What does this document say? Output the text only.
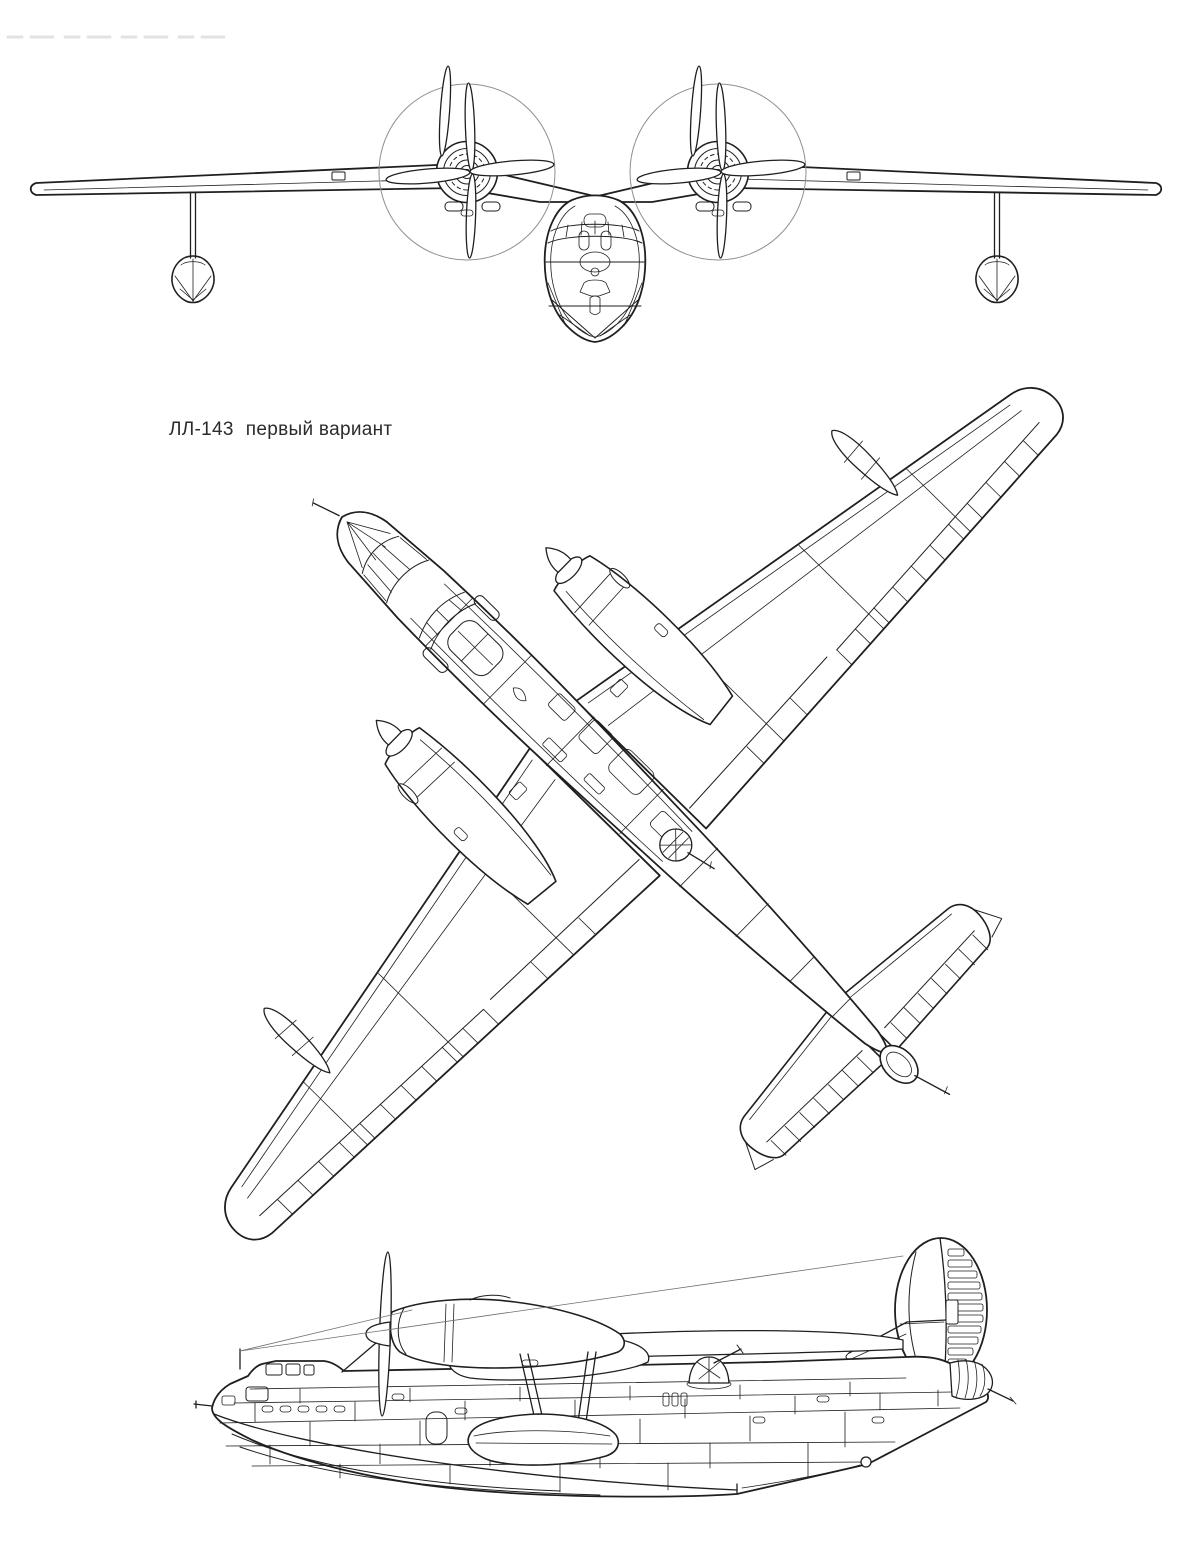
ЛЛ-143 первый вариант
